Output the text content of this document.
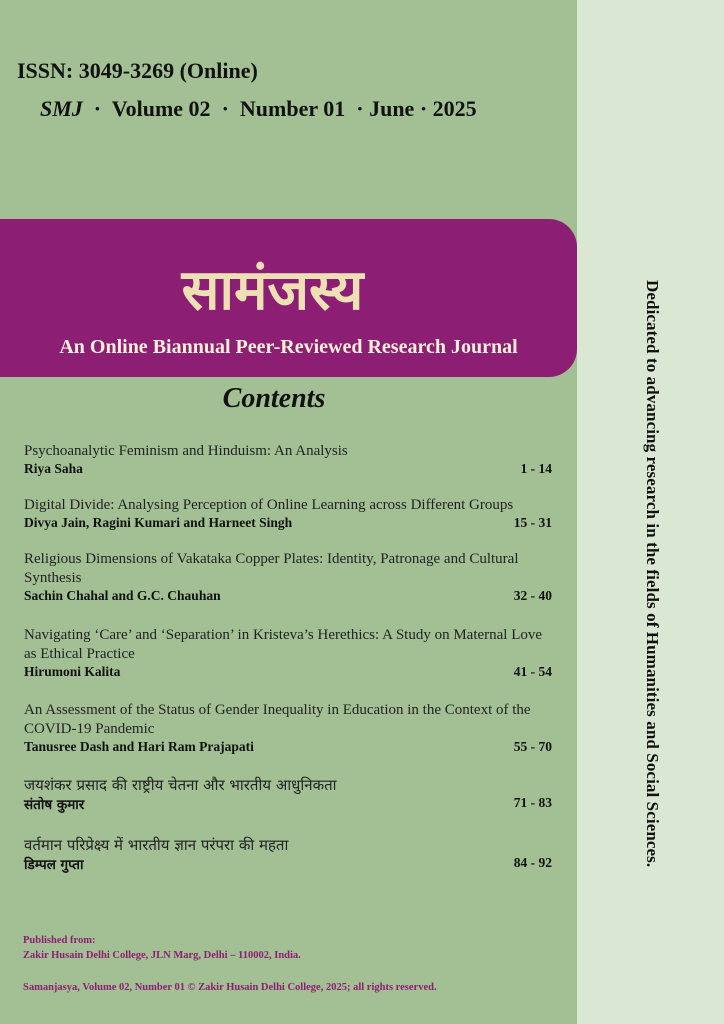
Dedicated to advancing research in the fields of Humanities and Social Sciences.
ISSN: 3049-3269 (Online)
SMJ · Volume 02 · Number 01 · June · 2025
सामंजस्य
An Online Biannual Peer-Reviewed Research Journal
Contents
Psychoanalytic Feminism and Hinduism: An Analysis
Riya Saha	1 - 14
Digital Divide: Analysing Perception of Online Learning across Different Groups
Divya Jain, Ragini Kumari and Harneet Singh	15 - 31
Religious Dimensions of Vakataka Copper Plates: Identity, Patronage and Cultural
Synthesis
Sachin Chahal and G.C. Chauhan	32 - 40
Navigating ‘Care’ and ‘Separation’ in Kristeva’s Herethics: A Study on Maternal Love
as Ethical Practice
Hirumoni Kalita	41 - 54
An Assessment of the Status of Gender Inequality in Education in the Context of the
COVID-19 Pandemic
Tanusree Dash and Hari Ram Prajapati	55 - 70
जयशंकर प्रसाद की राष्ट्रीय चेतना और भारतीय आधुनिकता
संतोष कुमार	71 - 83
वर्तमान परिप्रेक्ष्य में भारतीय ज्ञान परंपरा की महता
डिम्पल गुप्ता	84 - 92
Published from:
Zakir Husain Delhi College, JLN Marg, Delhi – 110002, India.
Samanjasya, Volume 02, Number 01 © Zakir Husain Delhi College, 2025; all rights reserved.
